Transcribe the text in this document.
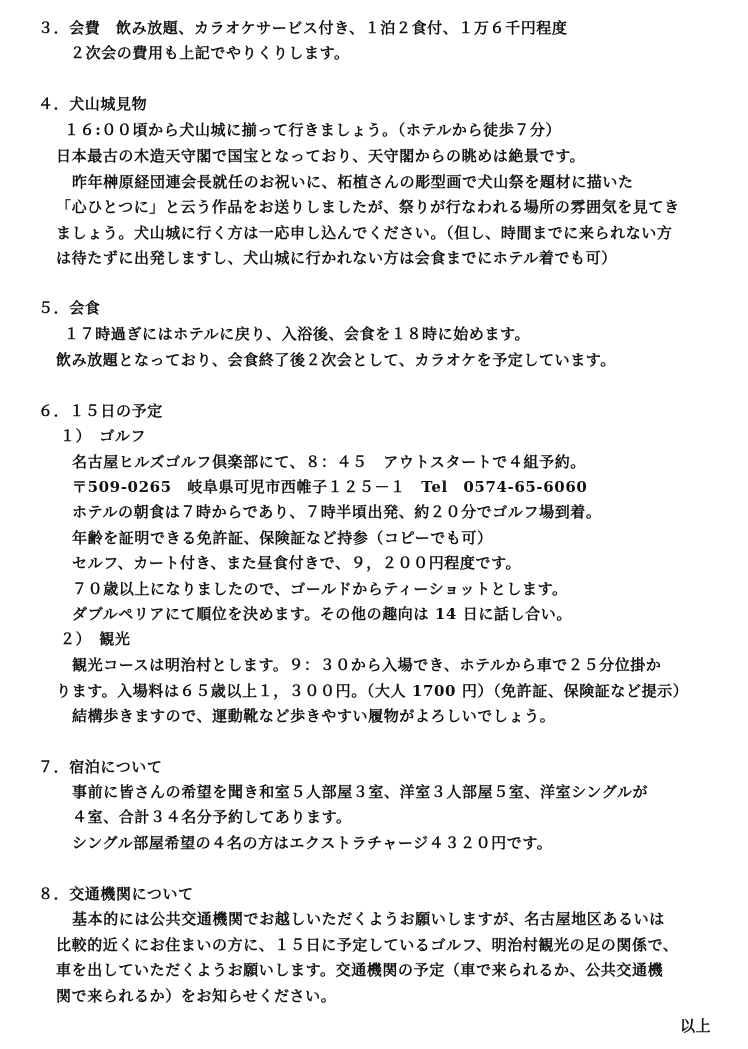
３．会費　飲み放題、カラオケサービス付き、１泊２食付、１万６千円程度
２次会の費用も上記でやりくりします。
４．犬山城見物
１６:００頃から犬山城に揃って行きましょう。（ホテルから徒歩７分）
日本最古の木造天守閣で国宝となっており、天守閣からの眺めは絶景です。
昨年榊原経団連会長就任のお祝いに、柘植さんの彫型画で犬山祭を題材に描いた
「心ひとつに」と云う作品をお送りしましたが、祭りが行なわれる場所の雰囲気を見てき
ましょう。犬山城に行く方は一応申し込んでください。（但し、時間までに来られない方
は待たずに出発しますし、犬山城に行かれない方は会食までにホテル着でも可）
５．会食
１７時過ぎにはホテルに戻り、入浴後、会食を１８時に始めます。
飲み放題となっており、会食終了後２次会として、カラオケを予定しています。
６．１５日の予定
１）　ゴルフ
名古屋ヒルズゴルフ倶楽部にて、８：４５　アウトスタートで４組予約。
〒509-0265　岐阜県可児市西帷子１２５－１　Tel　0574-65-6060
ホテルの朝食は７時からであり、７時半頃出発、約２０分でゴルフ場到着。
年齢を証明できる免許証、保険証など持参（コピーでも可）
セルフ、カート付き、また昼食付きで、９，２００円程度です。
７０歳以上になりましたので、ゴールドからティーショットとします。
ダブルペリアにて順位を決めます。その他の趣向は 14 日に話し合い。
２）　観光
観光コースは明治村とします。９：３０から入場でき、ホテルから車で２５分位掛か
ります。入場料は６５歳以上１，３００円。（大人 1700 円）（免許証、保険証など提示）
結構歩きますので、運動靴など歩きやすい履物がよろしいでしょう。
７．宿泊について
事前に皆さんの希望を聞き和室５人部屋３室、洋室３人部屋５室、洋室シングルが
４室、合計３４名分予約してあります。
シングル部屋希望の４名の方はエクストラチャージ４３２０円です。
８．交通機関について
基本的には公共交通機関でお越しいただくようお願いしますが、名古屋地区あるいは
比較的近くにお住まいの方に、１５日に予定しているゴルフ、明治村観光の足の関係で、
車を出していただくようお願いします。交通機関の予定（車で来られるか、公共交通機
関で来られるか）をお知らせください。
以上
